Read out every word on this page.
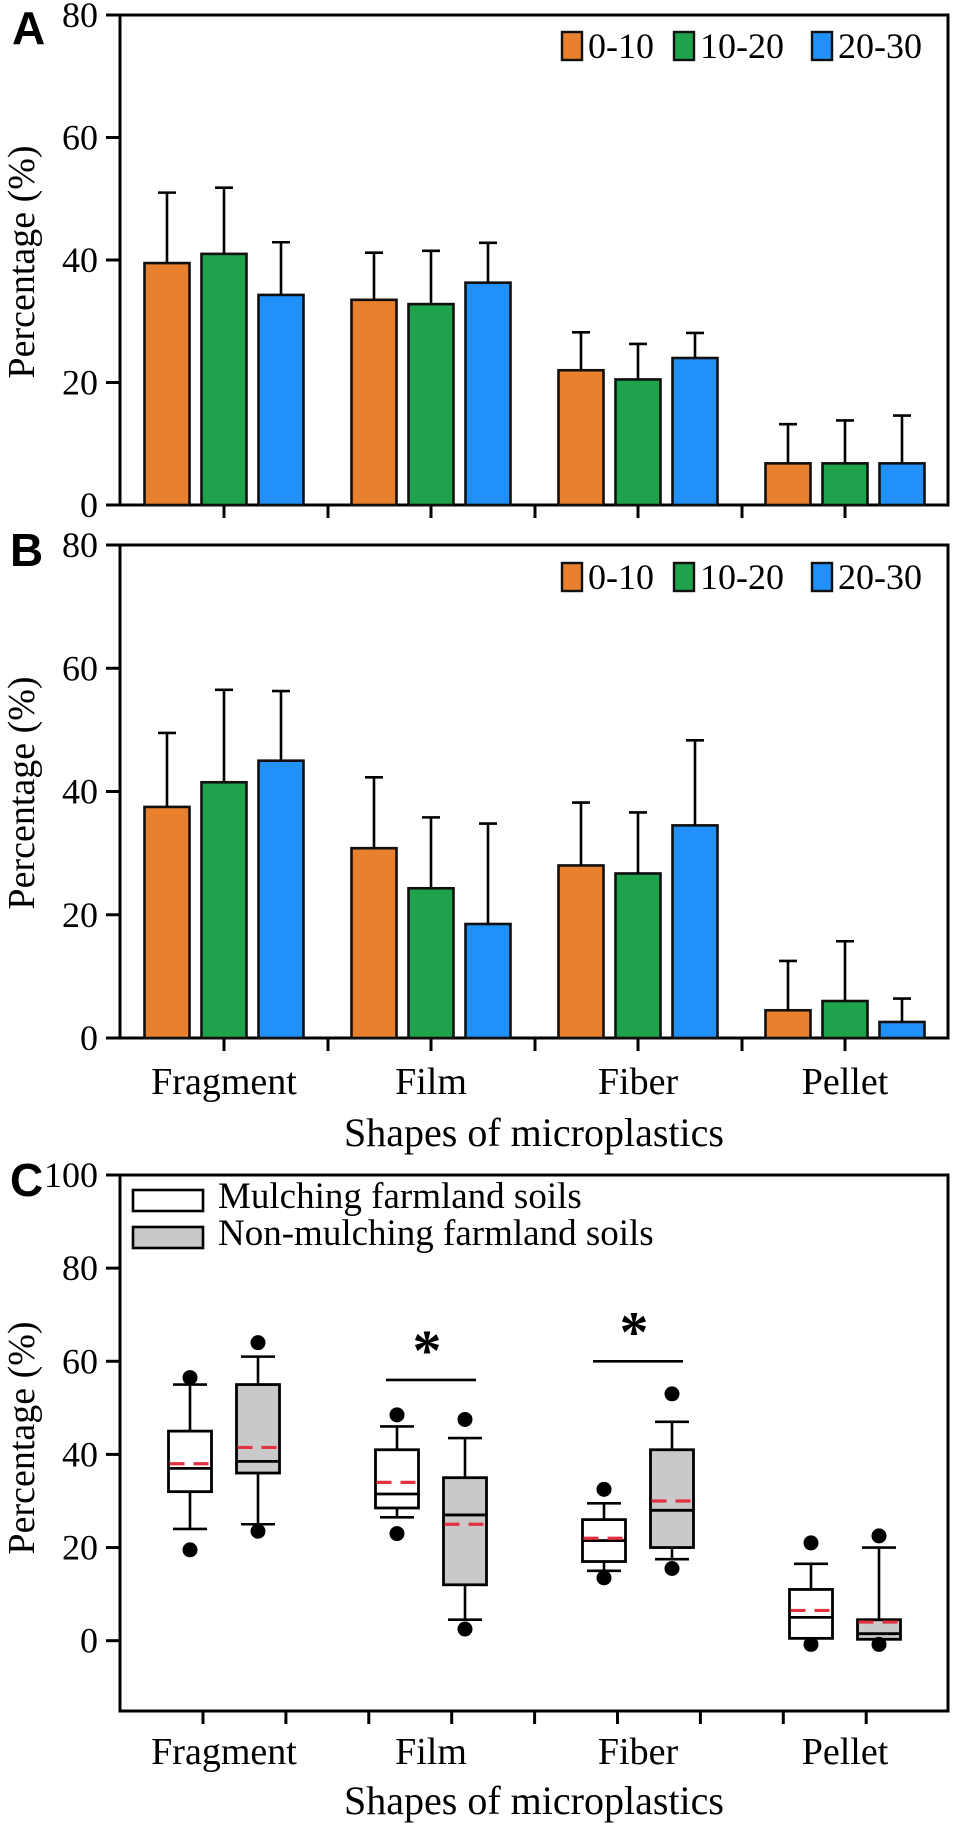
A
Percentage (%)
0
20
40
60
80
0-10 10-20 20-30
B
Percentage (%)
0
20
40
60
80
Fragment	Film	Fiber	Pellet
Shapes of microplastics
0-10 10-20 20-30
C
Percentage (%)
0
20
40
60
80
100
Fragment	Film	Fiber	Pellet
Shapes of microplastics
*	*
Mulching farmland soils
Non-mulching farmland soils
